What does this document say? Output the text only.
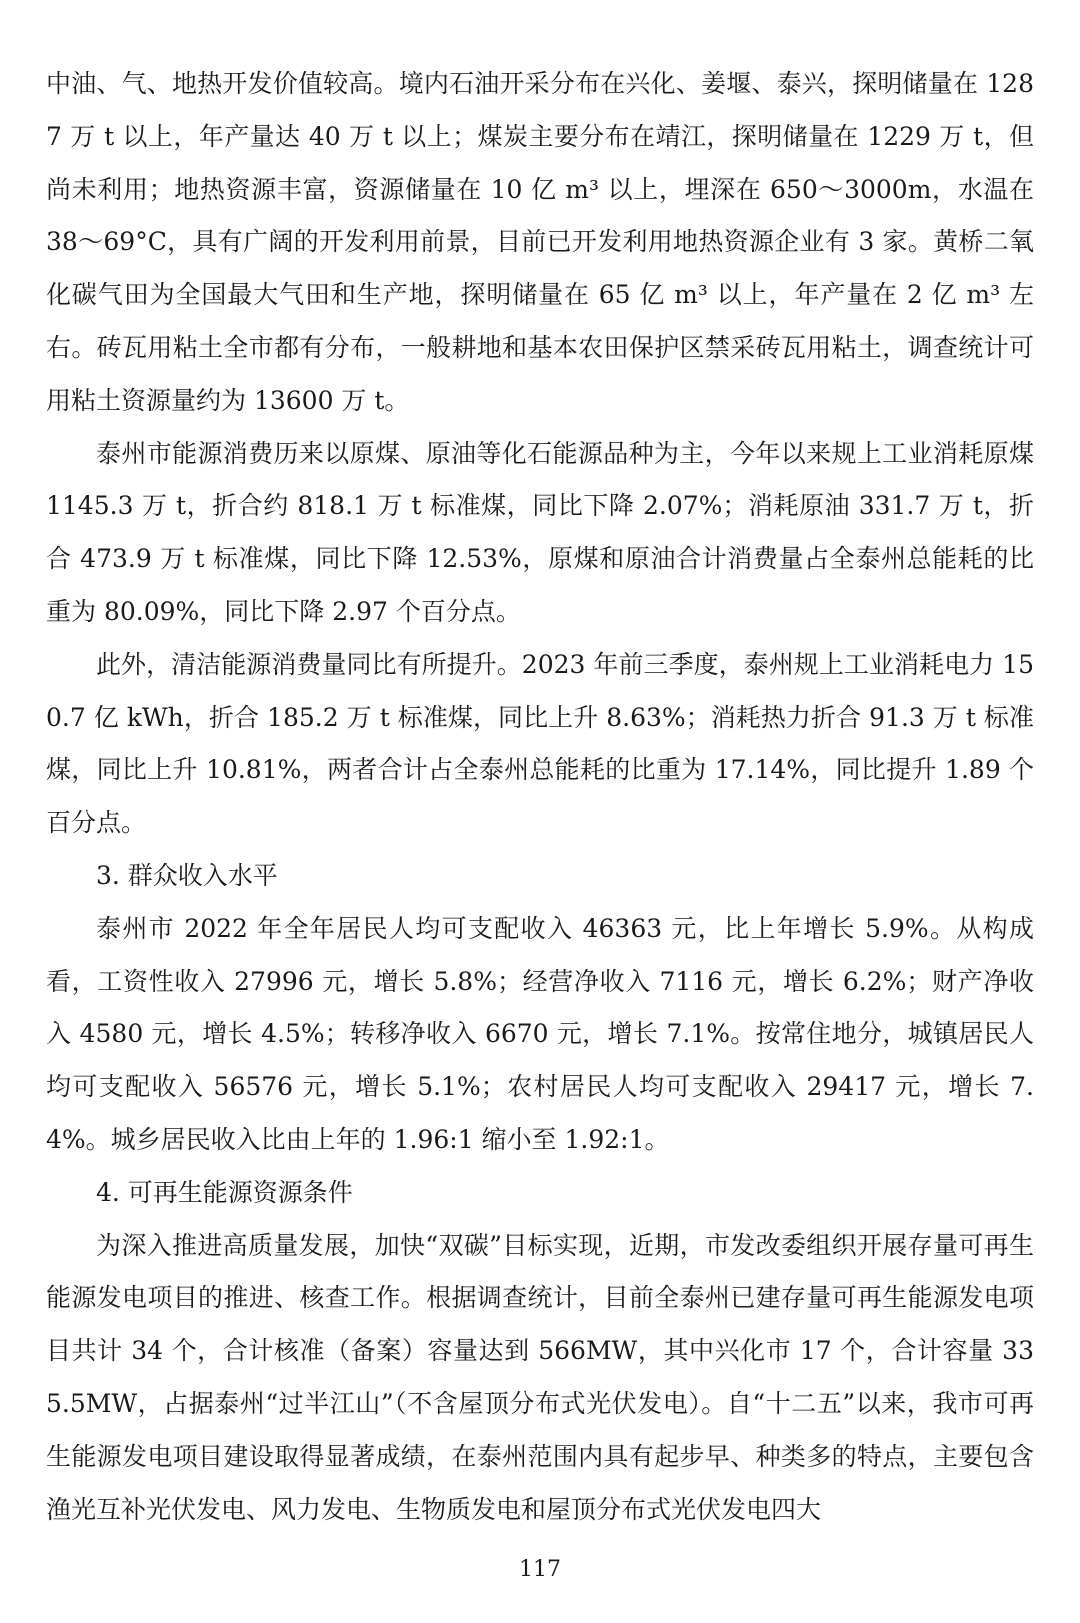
中油、气、地热开发价值较高。境内石油开采分布在兴化、姜堰、泰兴，探明储量在 1287 万 t 以上，年产量达 40 万 t 以上；煤炭主要分布在靖江，探明储量在 1229 万 t，但尚未利用；地热资源丰富，资源储量在 10 亿 m³ 以上，埋深在 650～3000m，水温在 38～69°C，具有广阔的开发利用前景，目前已开发利用地热资源企业有 3 家。黄桥二氧化碳气田为全国最大气田和生产地，探明储量在 65 亿 m³ 以上，年产量在 2 亿 m³ 左右。砖瓦用粘土全市都有分布，一般耕地和基本农田保护区禁采砖瓦用粘土，调查统计可用粘土资源量约为 13600 万 t。

泰州市能源消费历来以原煤、原油等化石能源品种为主，今年以来规上工业消耗原煤 1145.3 万 t，折合约 818.1 万 t 标准煤，同比下降 2.07%；消耗原油 331.7 万 t，折合 473.9 万 t 标准煤，同比下降 12.53%，原煤和原油合计消费量占全泰州总能耗的比重为 80.09%，同比下降 2.97 个百分点。

此外，清洁能源消费量同比有所提升。2023 年前三季度，泰州规上工业消耗电力 150.7 亿 kWh，折合 185.2 万 t 标准煤，同比上升 8.63%；消耗热力折合 91.3 万 t 标准煤，同比上升 10.81%，两者合计占全泰州总能耗的比重为 17.14%，同比提升 1.89 个百分点。

3. 群众收入水平

泰州市 2022 年全年居民人均可支配收入 46363 元，比上年增长 5.9%。从构成看，工资性收入 27996 元，增长 5.8%；经营净收入 7116 元，增长 6.2%；财产净收入 4580 元，增长 4.5%；转移净收入 6670 元，增长 7.1%。按常住地分，城镇居民人均可支配收入 56576 元，增长 5.1%；农村居民人均可支配收入 29417 元，增长 7.4%。城乡居民收入比由上年的 1.96:1 缩小至 1.92:1。

4. 可再生能源资源条件

为深入推进高质量发展，加快“双碳”目标实现，近期，市发改委组织开展存量可再生能源发电项目的推进、核查工作。根据调查统计，目前全泰州已建存量可再生能源发电项目共计 34 个，合计核准（备案）容量达到 566MW，其中兴化市 17 个，合计容量 335.5MW，占据泰州“过半江山”（不含屋顶分布式光伏发电）。自“十二五”以来，我市可再生能源发电项目建设取得显著成绩，在泰州范围内具有起步早、种类多的特点，主要包含渔光互补光伏发电、风力发电、生物质发电和屋顶分布式光伏发电四大

117
